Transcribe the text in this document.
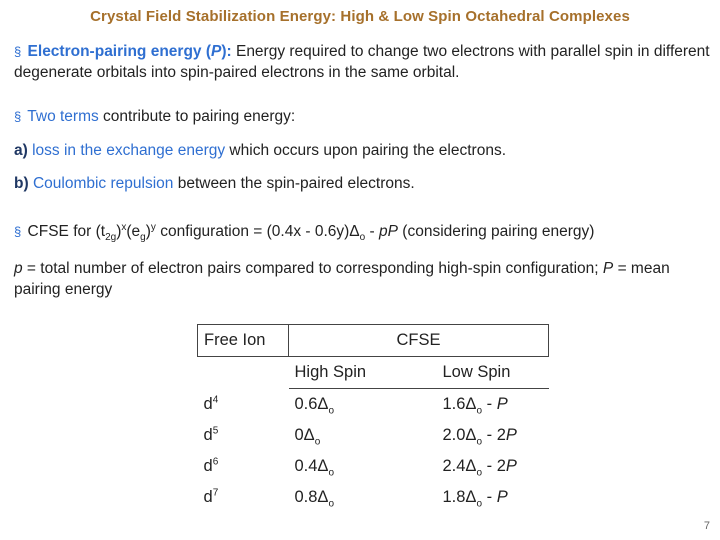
Crystal Field Stabilization Energy: High & Low Spin Octahedral Complexes
§ Electron-pairing energy (P): Energy required to change two electrons with parallel spin in different degenerate orbitals into spin-paired electrons in the same orbital.
§ Two terms contribute to pairing energy:
a) loss in the exchange energy which occurs upon pairing the electrons.
b) Coulombic repulsion between the spin-paired electrons.
§ CFSE for $(t_{2g})^x(e_g)^y$ configuration = $(0.4x - 0.6y)\Delta_o$ - pP (considering pairing energy)
p = total number of electron pairs compared to corresponding high-spin configuration; P = mean pairing energy
Free Ion	CFSE	
	High Spin	Low Spin
$d^4$	$0.6\Delta_o$	$1.6\Delta_o$ - P
$d^5$	$0\Delta_o$	$2.0\Delta_o - 2P$
$d^6$	$0.4\Delta_o$	$2.4\Delta_o - 2P$
$d^7$	$0.8\Delta_o$	$1.8\Delta_o$ - P
7
